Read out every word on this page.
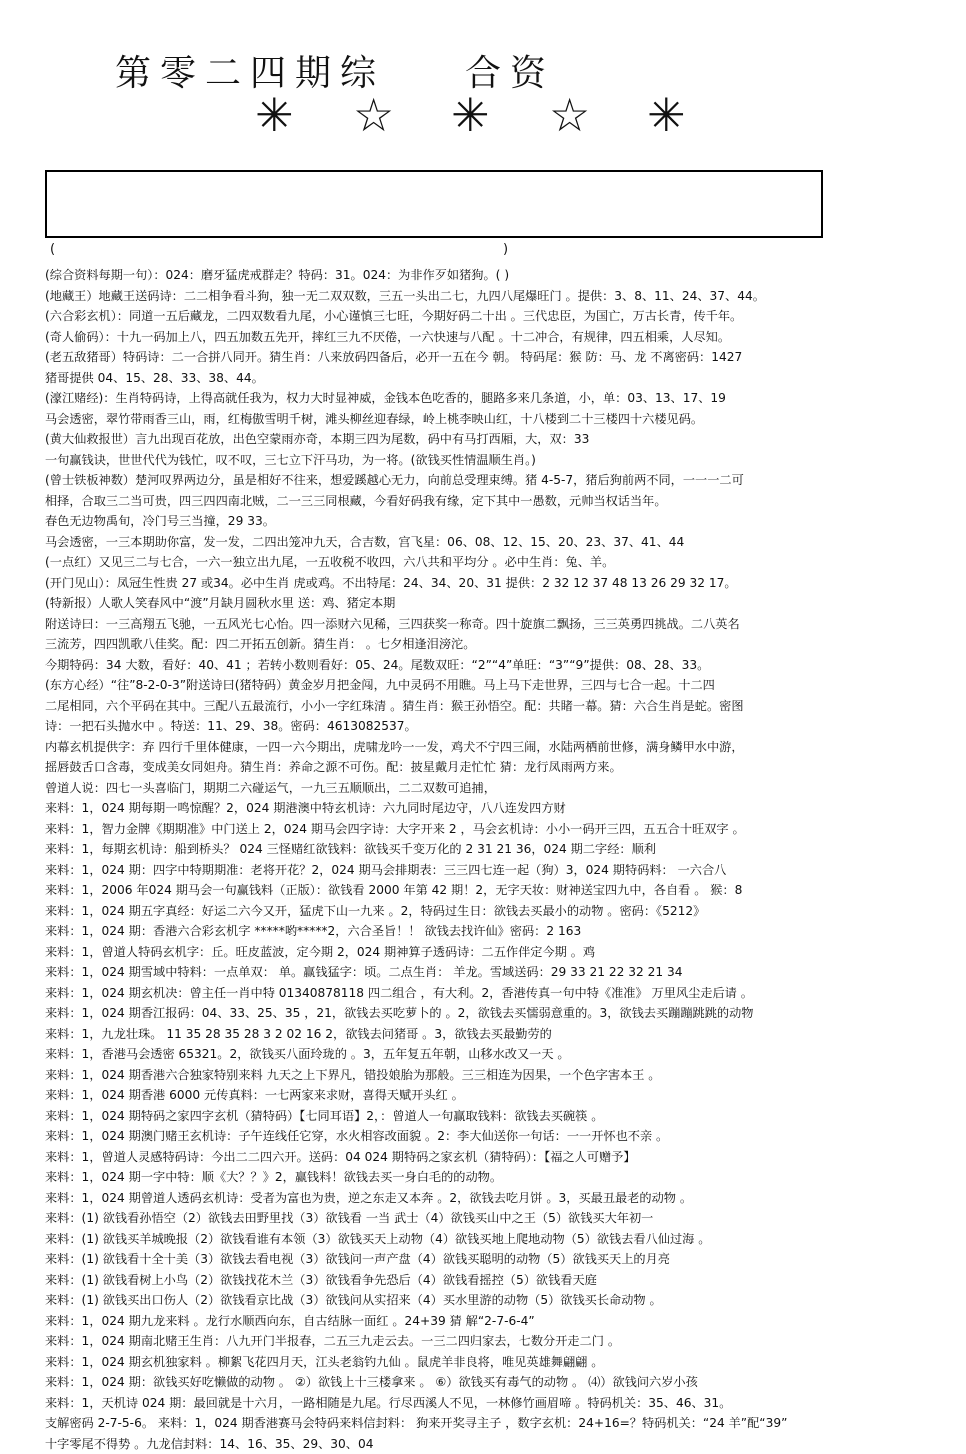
第零二四期综 合资
✳ ☆ ✳ ☆ ✳
(	)
(综合资料每期一句）：024：磨牙猛虎戒群走？特码：31。024：为非作歹如猪狗。( )
(地藏王）地藏王送码诗：二二相争看斗狗，独一无二双双数，三五一头出二七，九四八尾爆旺门 。提供：3、8、11、24、37、44。
(六合彩玄机）：同道一五后藏龙，二四双数看九尾，小心谨慎三七旺，今期好码二十出 。三代忠臣，为国亡，万古长青，传千年。
(奇人偷码）：十九一码加上八，四五加数五先开，摔红三九不厌倦，一六快速与八配 。十二冲合，有规律，四五相乘，人尽知。
(老五敌猪哥）特码诗：二一合拼八同开。猜生肖：八来放码四备后，必开一五在今 朝。 特码尾：猴 防：马、龙 不离密码：1427
猪哥提供 04、15、28、33、38、44。
(濠江赌经)：生肖特码诗，上得高就任我为，权力大时显神威，金钱本色吃香的，腿路多来几条道，小，单：03、13、17、19
马会透密，翠竹带雨香三山，雨，红梅傲雪明千树，滩头柳丝迎春绿，岭上桃李映山红，十八楼到二十三楼四十六楼见码。
(黄大仙救报世）言九出现百花放，出色空蒙雨亦奇，本期三四为尾数，码中有马打西厢，大，双：33
一句赢钱诀，世世代代为钱忙，叹不叹，三七立下汗马功，为一将。(欲钱买性情温顺生肖。)
(曾士铁板神数）楚河叹界两边分，虽是相好不往来，想爱蹊越心无力，向前总受理束缚。猪 4-5-7，猪后狗前两不同，一一一二可
相择，合取三二当可贵，四三四四南北贼，二一三三同根藏，今看好码我有缘，定下其中一愚数，元帅当权话当年。
春色无边物禹旬，冷门号三当撞，29 33。
马会透密，一三本期助你富，发一发，二四出笼冲九天，合吉数，宫飞星：06、08、12、15、20、23、37、41、44
(一点红）又见三二与七合，一六一独立出九尾，一五收税不收四，六八共和平均分 。必中生肖：兔、羊。
(开门见山）：凤冠生性贵 27 或34。必中生肖 虎或鸡。不出特尾：24、34、20、31 提供：2 32 12 37 48 13 26 29 32 17。
(特新报）人歌人笑春风中“渡”月缺月圆秋水里 送：鸡、猪定本期
附送诗曰：一三高翔五飞驰，一五风光七心怡。四一添财六见稀，三四获奖一称奇。四十旋旗二飘扬，三三英勇四挑战。二八英名
三流芳，四四凯歌八佳奖。配：四二开拓五创新。猜生肖： 。七夕相逢泪滂沱。
今期特码：34 大数，看好：40、41 ；若转小数则看好：05、24。尾数双旺：“2”“4”单旺：“3”“9”提供：08、28、33。
(东方心经）“往”8-2-0-3”附送诗曰(猪特码）黄金岁月把金闯，九中灵码不用瞧。马上马下走世界，三四与七合一起。十二四
二尾相同，六个平码在其中。三配八五最流行，小小一字红珠清 。猜生肖：猴王孙悟空。配：共睹一幕。猜：六合生肖是蛇。密图
诗：一把石头抛水中 。特送：11、29、38。密码：4613082537。
内幕玄机提供字：弃 四行千里体健康，一四一六今期出，虎啸龙吟一一发，鸡犬不宁四三闹，水陆两栖前世修，满身鳞甲水中游，
摇唇鼓舌口含毒，变成美女同妲舟。猜生肖：养命之源不可伤。配：披星戴月走忙忙 猜：龙行凤雨两方来。
曾道人说：四七一头喜临门，期期二六碰运气，一九三五顺顺出，二二双数可追捕，
来料：1，024 期每期一鸣惊醒？2，024 期港澳中特玄机诗：六九同时尾边守，八八连发四方财
来料：1，智力金牌《期期准》中门送上 2，024 期马会四字诗：大字开来 2 ，马会玄机诗：小小一码开三四，五五合十旺双字 。
来料：1，每期玄机诗：船到桥头？ 024 三怪赌红欲钱料：欲钱买千变万化的 2 31 21 36，024 期二字经：顺利
来料：1，024 期：四字中特期期准：老将开花？2，024 期马会排期表：三三四七连一起（狗）3，024 期特码料： 一六合八
来料：1，2006 年024 期马会一句赢钱料（正版）：欲钱看 2000 年第 42 期！2，无字天妆：财神送宝四九中，各自看 。 猴：8
来料：1，024 期五字真经：好运二六今又开，猛虎下山一九来 。2，特码过生日：欲钱去买最小的动物 。密码：《5212》
来料：1，024 期：香港六合彩玄机字 *****哟*****2，六合圣旨！！ 欲钱去找许仙》密码：2 163
来料：1，曾道人特码玄机字：丘。旺皮蓝波，定今期 2，024 期神算子透码诗：二五作伴定今期 。鸡
来料：1，024 期雪域中特料：一点单双： 单。赢钱猛字：顷。二点生肖： 羊龙。雪域送码：29 33 21 22 32 21 34
来料：1，024 期玄机决：曾主任一肖中特 01340878118 四二组合 ，有大利。2，香港传真一句中特《准准》 万里风尘走后请 。
来料：1，024 期香江报码：04、33、25、35 ，21，欲钱去买吃萝卜的 。2，欲钱去买懦弱意重的。3，欲钱去买蹦蹦跳跳的动物
来料：1，九龙壮珠。 11 35 28 35 28 3 2 02 16 2，欲钱去问猪哥 。3，欲钱去买最勤劳的
来料：1，香港马会透密 65321。2，欲钱买八面玲珑的 。3，五年复五年朝，山移水改又一天 。
来料：1，024 期香港六合独家特别来料 九天之上下界凡，错投娘胎为那般。三三相连为因果，一个色字害本王 。
来料：1，024 期香港 6000 元传真料：一七两家来求财，喜得天赋开头红 。
来料：1，024 期特码之家四字玄机（猜特码）【七同耳语】2，：曾道人一句赢取钱料：欲钱去买碗筷 。
来料：1，024 期澳门赌王玄机诗：子午连线任它穿，水火相容改面貌 。2：李大仙送你一句话：一一开怀也不亲 。
来料：1，曾道人灵感特码诗：今出二二四六开。送码：04 024 期特码之家玄机（猜特码）：【福之人可赠予】
来料：1，024 期一字中特：顺《大？？》2，赢钱料！欲钱去买一身白毛的的动物。
来料：1，024 期曾道人透码玄机诗：受者为富也为贵，逆之东走又本奔 。2，欲钱去吃月饼 。3，买最丑最老的动物 。
来料：(1) 欲钱看孙悟空（2）欲钱去田野里找（3）欲钱看 一当 武士（4）欲钱买山中之王（5）欲钱买大年初一
来料：(1) 欲钱买羊城晚报（2）欲钱看谁有本领（3）欲钱买天上动物（4）欲钱买地上爬地动物（5）欲钱去看八仙过海 。
来料：(1) 欲钱看十全十美（3）欲钱去看电视（3）欲钱问一声产盘（4）欲钱买聪明的动物（5）欲钱买天上的月亮
来料：(1) 欲钱看树上小鸟（2）欲钱找花木兰（3）欲钱看争先恐后（4）欲钱看摇控（5）欲钱看天庭
来料：(1) 欲钱买出口伤人（2）欲钱看京比战（3）欲钱问从实招来（4）买水里游的动物（5）欲钱买长命动物 。
来料：1，024 期九龙来料 。龙行水顺西向东，自古结脉一面红 。24+39 猜 解“2-7-6-4”
来料：1，024 期南北赌王生肖：八九开门半报春，二五三九走云去。一三二四归家去，七数分开走二门 。
来料：1，024 期玄机独家料 。柳絮飞花四月天，江头老翁钓九仙 。鼠虎羊非良将，唯见英雄舞翩翩 。
来料：1，024 期：欲钱买好吃懒做的动物 。 ②）欲钱上十三楼拿来 。 ⑥）欲钱买有毒气的动物 。 ⑷）欲钱问六岁小孩
来料：1，天机诗 024 期：最回就是十六月，一路相随是九尾。行尽西溪人不见，一林修竹画眉啼 。特码机关：35、46、31。
支解密码 2-7-5-6。 来料：1，024 期香港赛马会特码来料信封料： 狗来开奖寻主子 ，数字玄机：24+16=？特码机关：“24 羊”配“39”
十字零尾不得势 。九龙信封料：14、16、35、29、30、04
